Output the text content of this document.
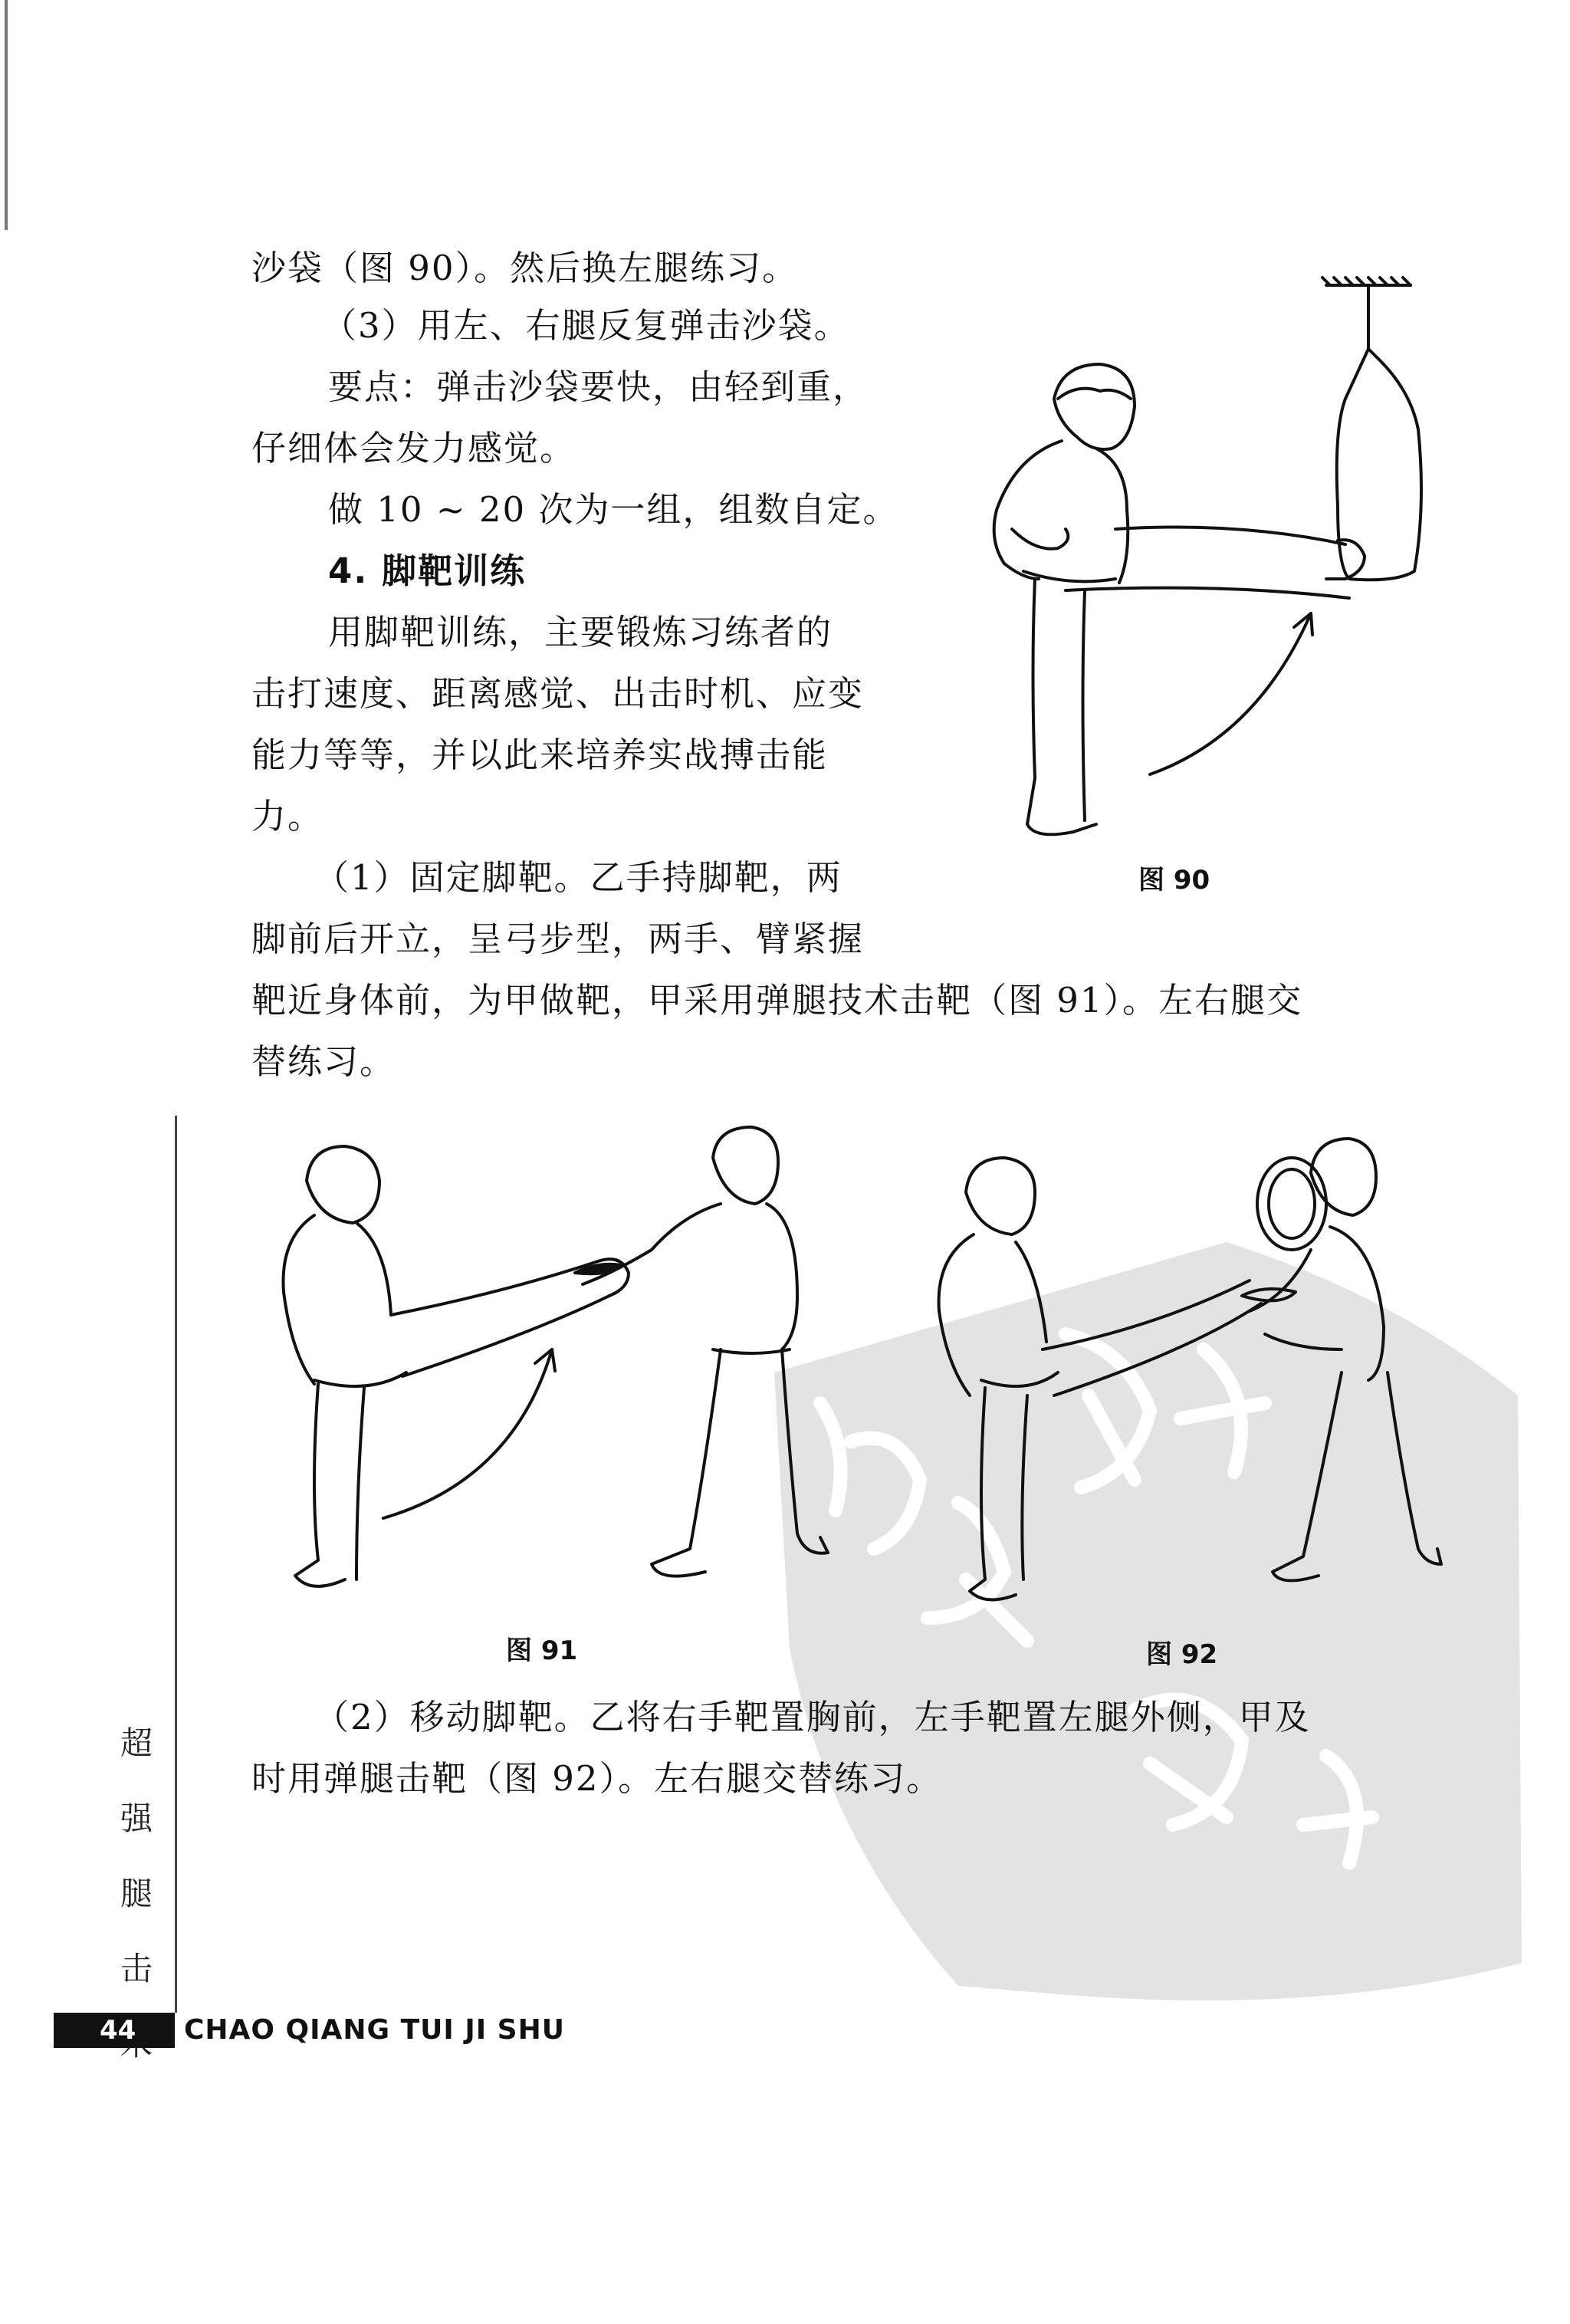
沙袋（图 90）。然后换左腿练习。
（3）用左、右腿反复弹击沙袋。
要点：弹击沙袋要快，由轻到重，
仔细体会发力感觉。
做 10 ~ 20 次为一组，组数自定。
4. 脚靶训练
用脚靶训练，主要锻炼习练者的
击打速度、距离感觉、出击时机、应变
能力等等，并以此来培养实战搏击能
力。
（1）固定脚靶。乙手持脚靶，两
脚前后开立，呈弓步型，两手、臂紧握
靶近身体前，为甲做靶，甲采用弹腿技术击靶（图 91）。左右腿交
替练习。
（2）移动脚靶。乙将右手靶置胸前，左手靶置左腿外侧，甲及
时用弹腿击靶（图 92）。左右腿交替练习。
图 90
图 91	图 92
超
强
腿
击
44 CHAO QIANG TUI JI SHU
